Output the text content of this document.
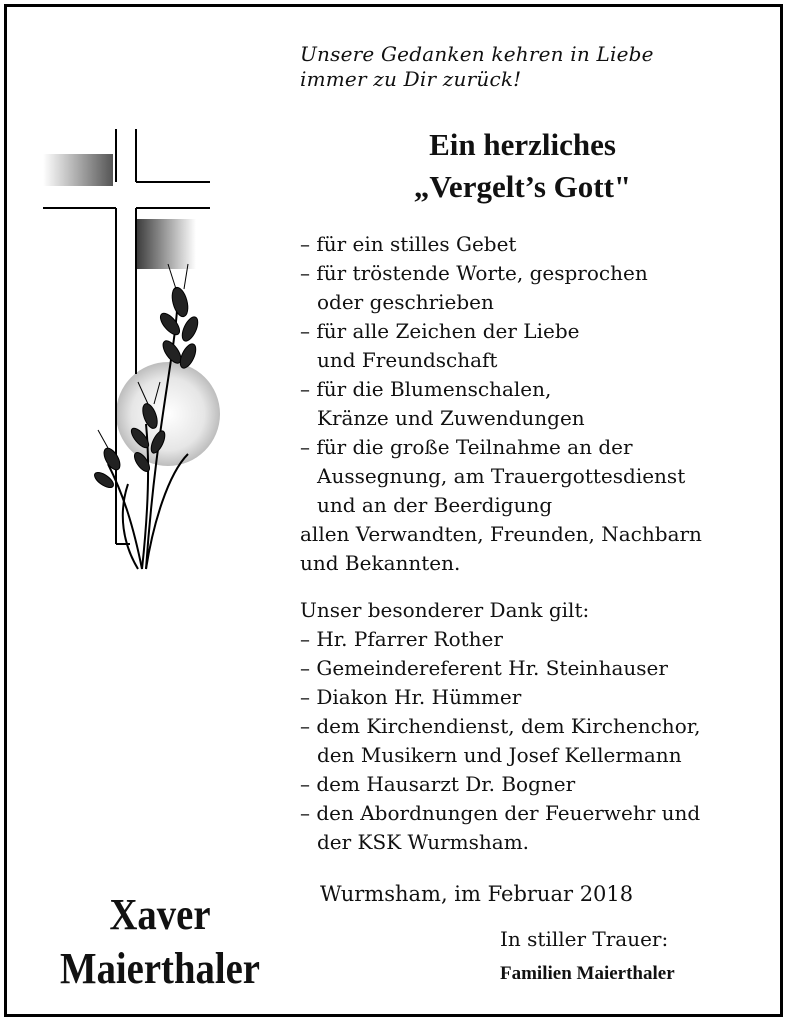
Unsere Gedanken kehren in Liebe
immer zu Dir zurück!
Ein herzliches
„Vergelt’s Gott"
– für ein stilles Gebet
– für tröstende Worte, gesprochen
oder geschrieben
– für alle Zeichen der Liebe
und Freundschaft
– für die Blumenschalen,
Kränze und Zuwendungen
– für die große Teilnahme an der
Aussegnung, am Trauergottesdienst
und an der Beerdigung
allen Verwandten, Freunden, Nachbarn
und Bekannten.
Unser besonderer Dank gilt:
– Hr. Pfarrer Rother
– Gemeindereferent Hr. Steinhauser
– Diakon Hr. Hümmer
– dem Kirchendienst, dem Kirchenchor,
den Musikern und Josef Kellermann
– dem Hausarzt Dr. Bogner
– den Abordnungen der Feuerwehr und
der KSK Wurmsham.
Wurmsham, im Februar 2018
In stiller Trauer:
Familien Maierthaler
Xaver
Maierthaler
